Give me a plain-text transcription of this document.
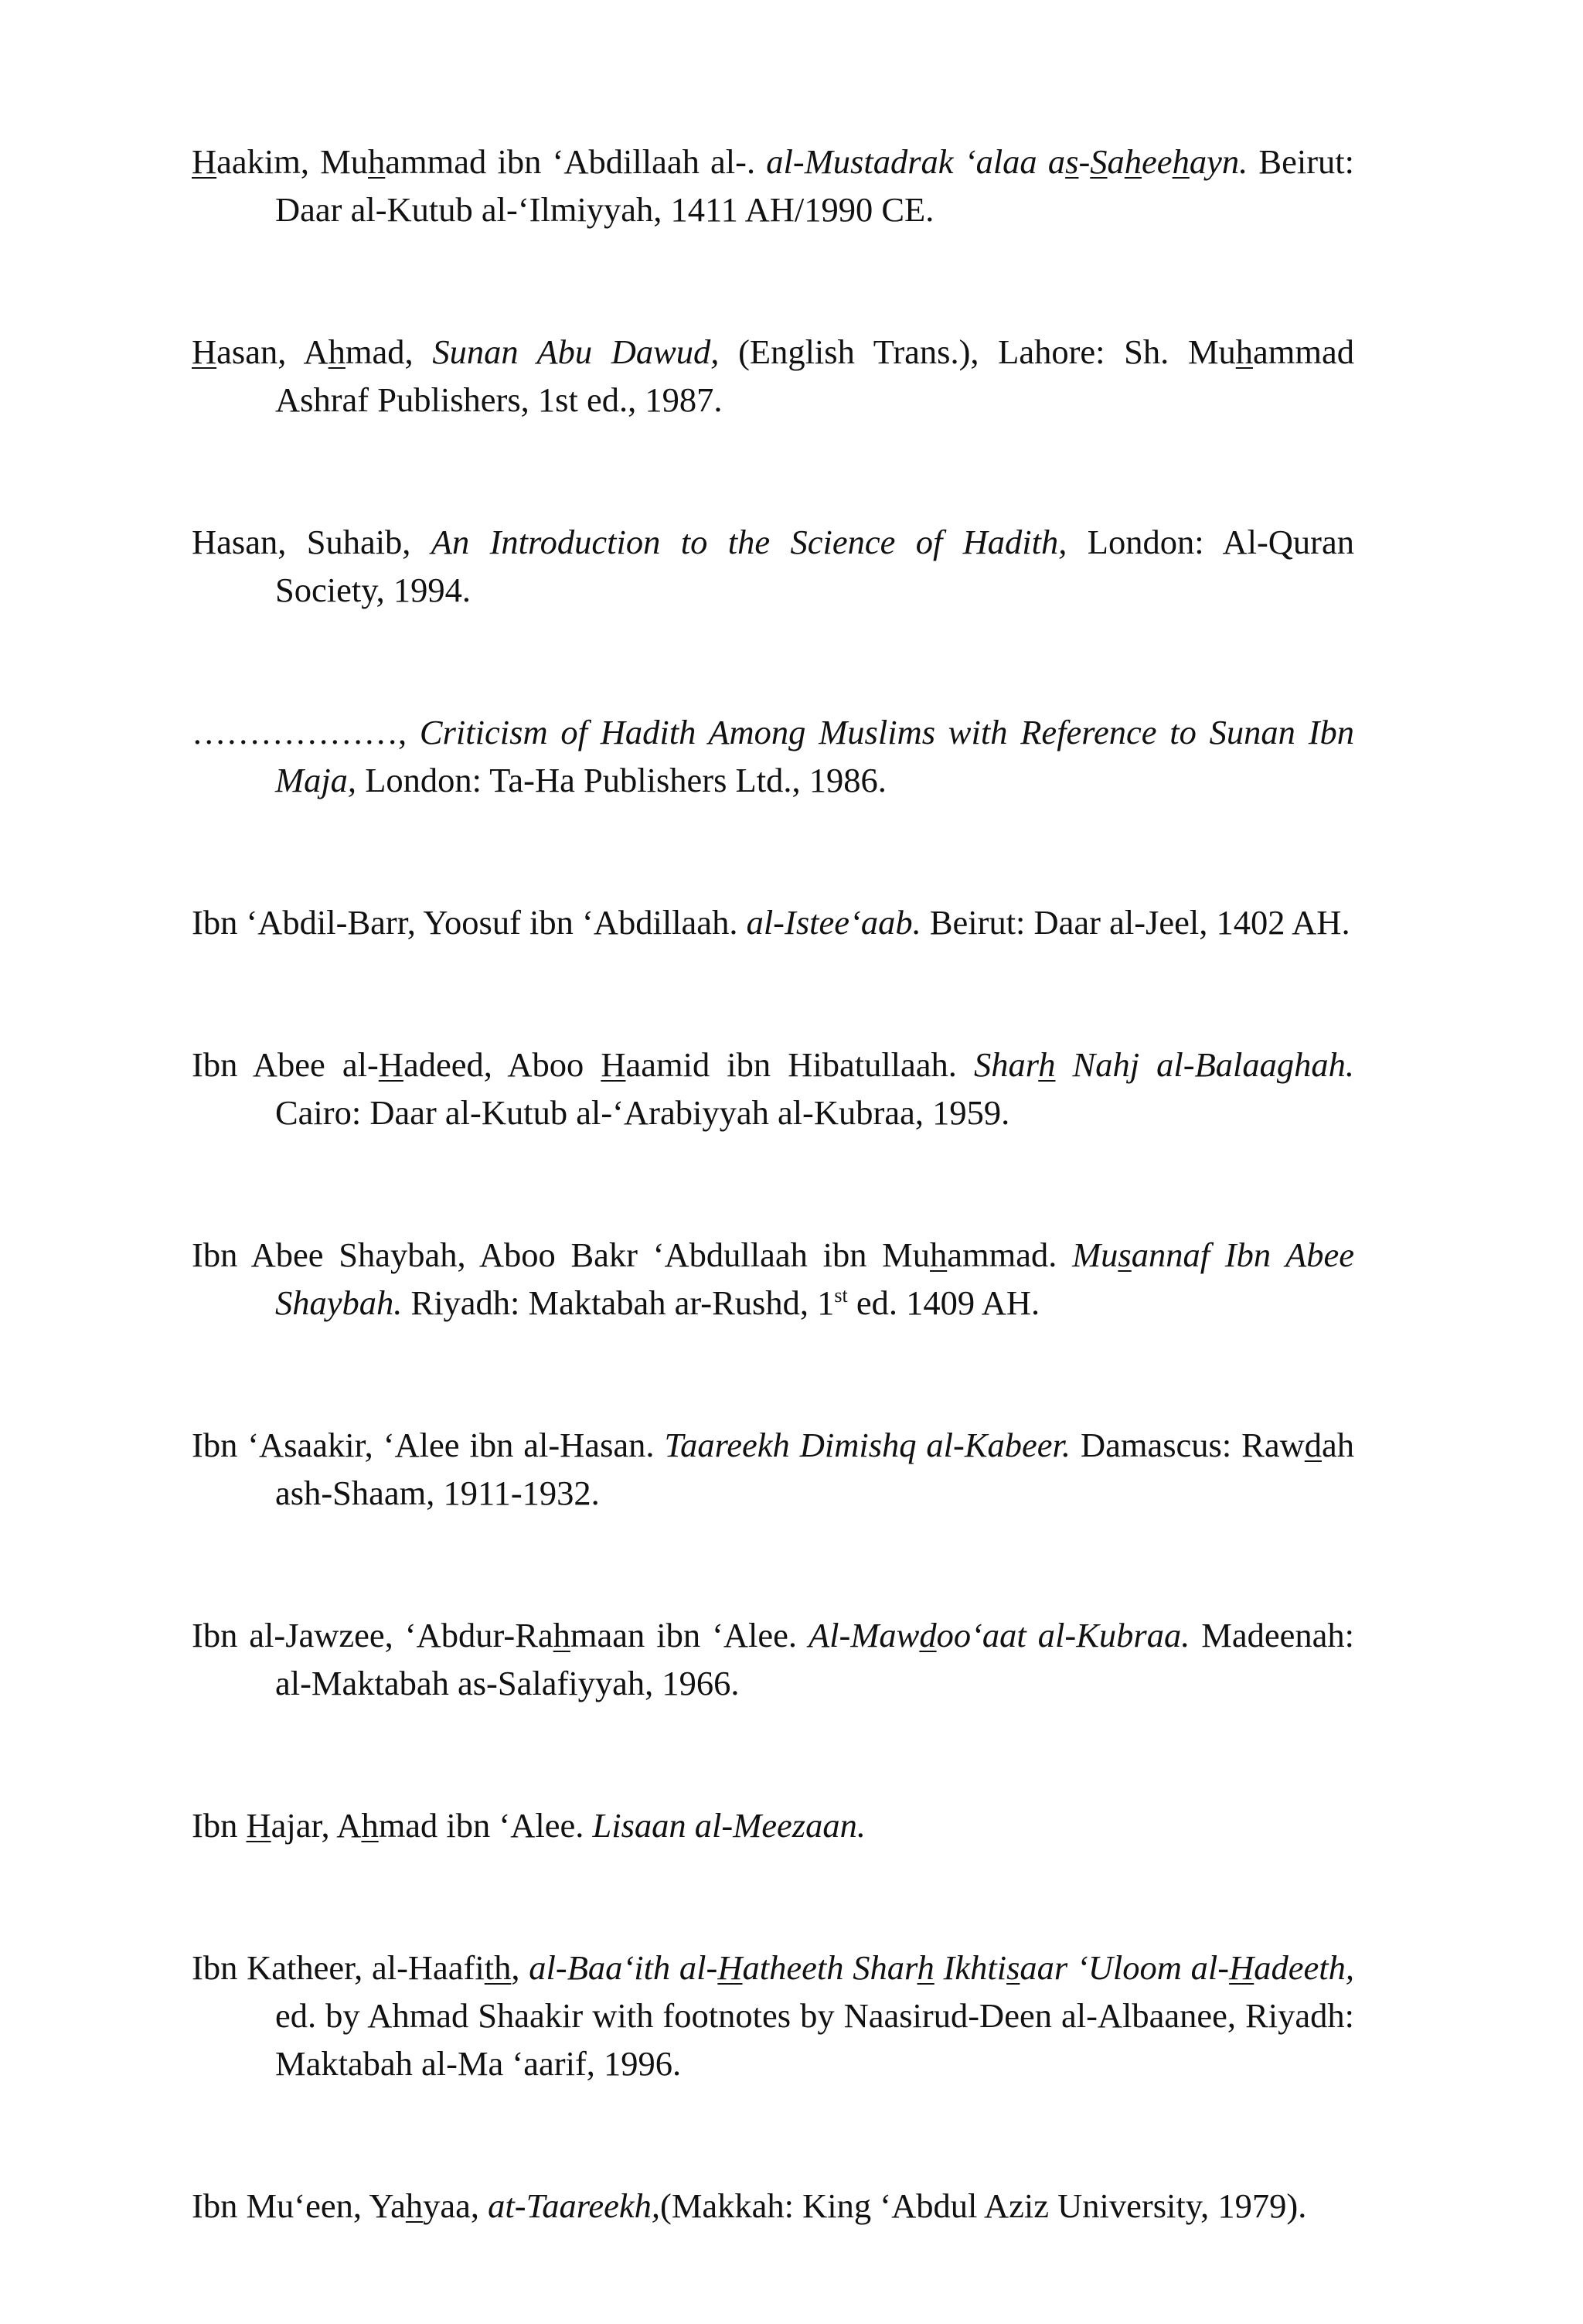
Haakim, Muhammad ibn ‘Abdillaah al-. al-Mustadrak ‘alaa as-Saheehayn. Beirut: Daar al-Kutub al-‘Ilmiyyah, 1411 AH/1990 CE.

Hasan, Ahmad, Sunan Abu Dawud, (English Trans.), Lahore: Sh. Muhammad Ashraf Publishers, 1st ed., 1987.

Hasan, Suhaib, An Introduction to the Science of Hadith, London: Al-Quran Society, 1994.

………………, Criticism of Hadith Among Muslims with Reference to Sunan Ibn Maja, London: Ta-Ha Publishers Ltd., 1986.

Ibn ‘Abdil-Barr, Yoosuf ibn ‘Abdillaah. al-Istee‘aab. Beirut: Daar al-Jeel, 1402 AH.

Ibn Abee al-Hadeed, Aboo Haamid ibn Hibatullaah. Sharh Nahj al-Balaaghah. Cairo: Daar al-Kutub al-‘Arabiyyah al-Kubraa, 1959.

Ibn Abee Shaybah, Aboo Bakr ‘Abdullaah ibn Muhammad. Musannaf Ibn Abee Shaybah. Riyadh: Maktabah ar-Rushd, 1st ed. 1409 AH.

Ibn ‘Asaakir, ‘Alee ibn al-Hasan. Taareekh Dimishq al-Kabeer. Damascus: Rawdah ash-Shaam, 1911-1932.

Ibn al-Jawzee, ‘Abdur-Rahmaan ibn ‘Alee. Al-Mawdoo‘aat al-Kubraa. Madeenah: al-Maktabah as-Salafiyyah, 1966.

Ibn Hajar, Ahmad ibn ‘Alee. Lisaan al-Meezaan.

Ibn Katheer, al-Haafith, al-Baa‘ith al-Hatheeth Sharh Ikhtisaar ‘Uloom al-Hadeeth, ed. by Ahmad Shaakir with footnotes by Naasirud-Deen al-Albaanee, Riyadh: Maktabah al-Ma ‘aarif, 1996.

Ibn Mu‘een, Yahyaa, at-Taareekh,(Makkah: King ‘Abdul Aziz University, 1979).
